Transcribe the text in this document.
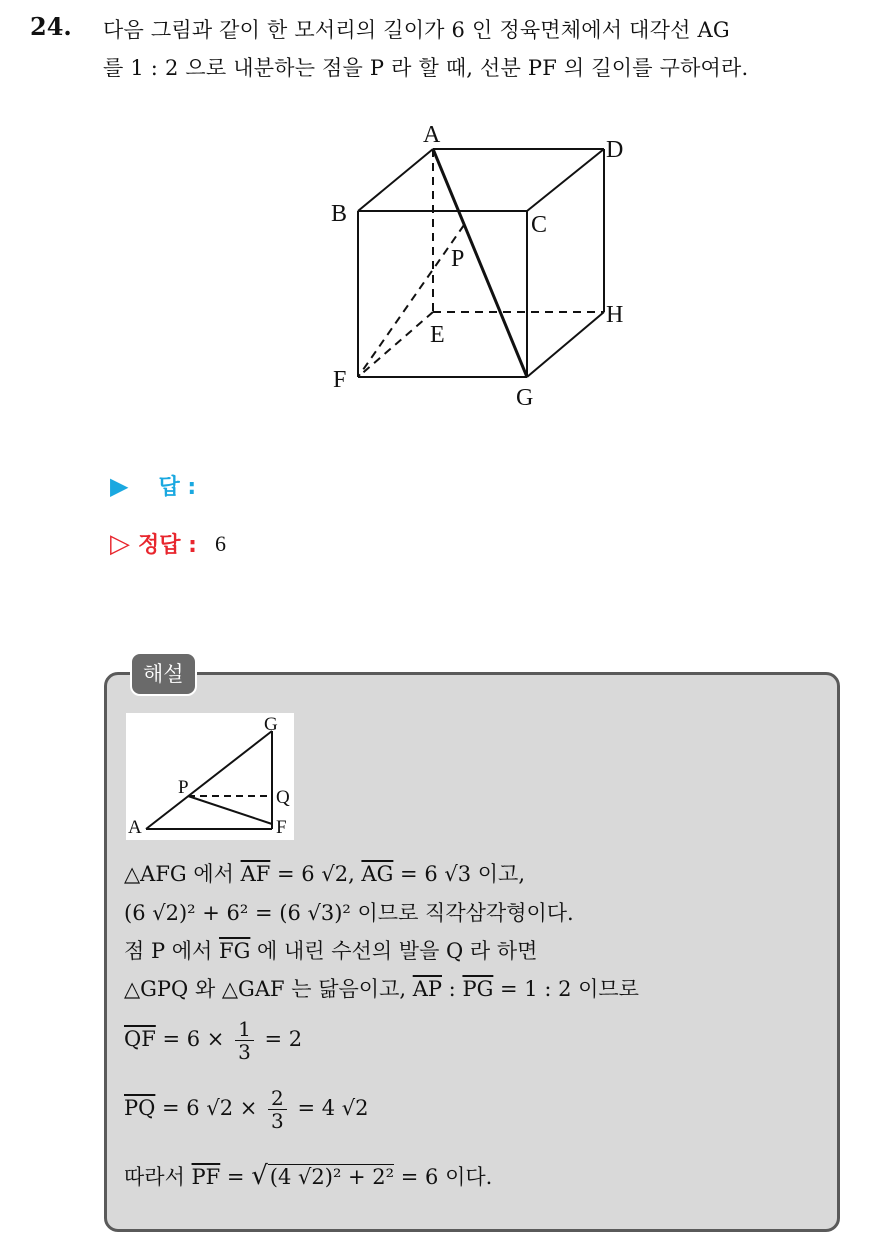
24. 다음 그림과 같이 한 모서리의 길이가 6 인 정육면체에서 대각선 AG
를 1 : 2 으로 내분하는 점을 P 라 할 때, 선분 PF 의 길이를 구하여라.
A
D
B	C
P
E
H
F
G
▶ 답 :
▷ 정답 : 6
해설
G
P	Q
A	F
△AFG 에서 $\overline{AF} = 6$ √2, $\overline{AG} = 6$ √3 이고,
(6 √2)² + 6² = (6 √3)² 이므로 직각삼각형이다.
점 P 에서 $\overline{FG}$ 에 내린 수선의 발을 Q 라 하면
△GPQ 와 △GAF 는 닮음이고, $\overline{AP}$ : $\overline{PG} = 1$ : 2 이므로
$\overline{QF} = 6 \times \frac{1}{3} = 2$
$\overline{PQ} = 6$ $√2 \times \frac{2}{3} = 4$ √2
따라서 $\overline{PF} = √(4$ √2)² + 2² = 6 이다.
